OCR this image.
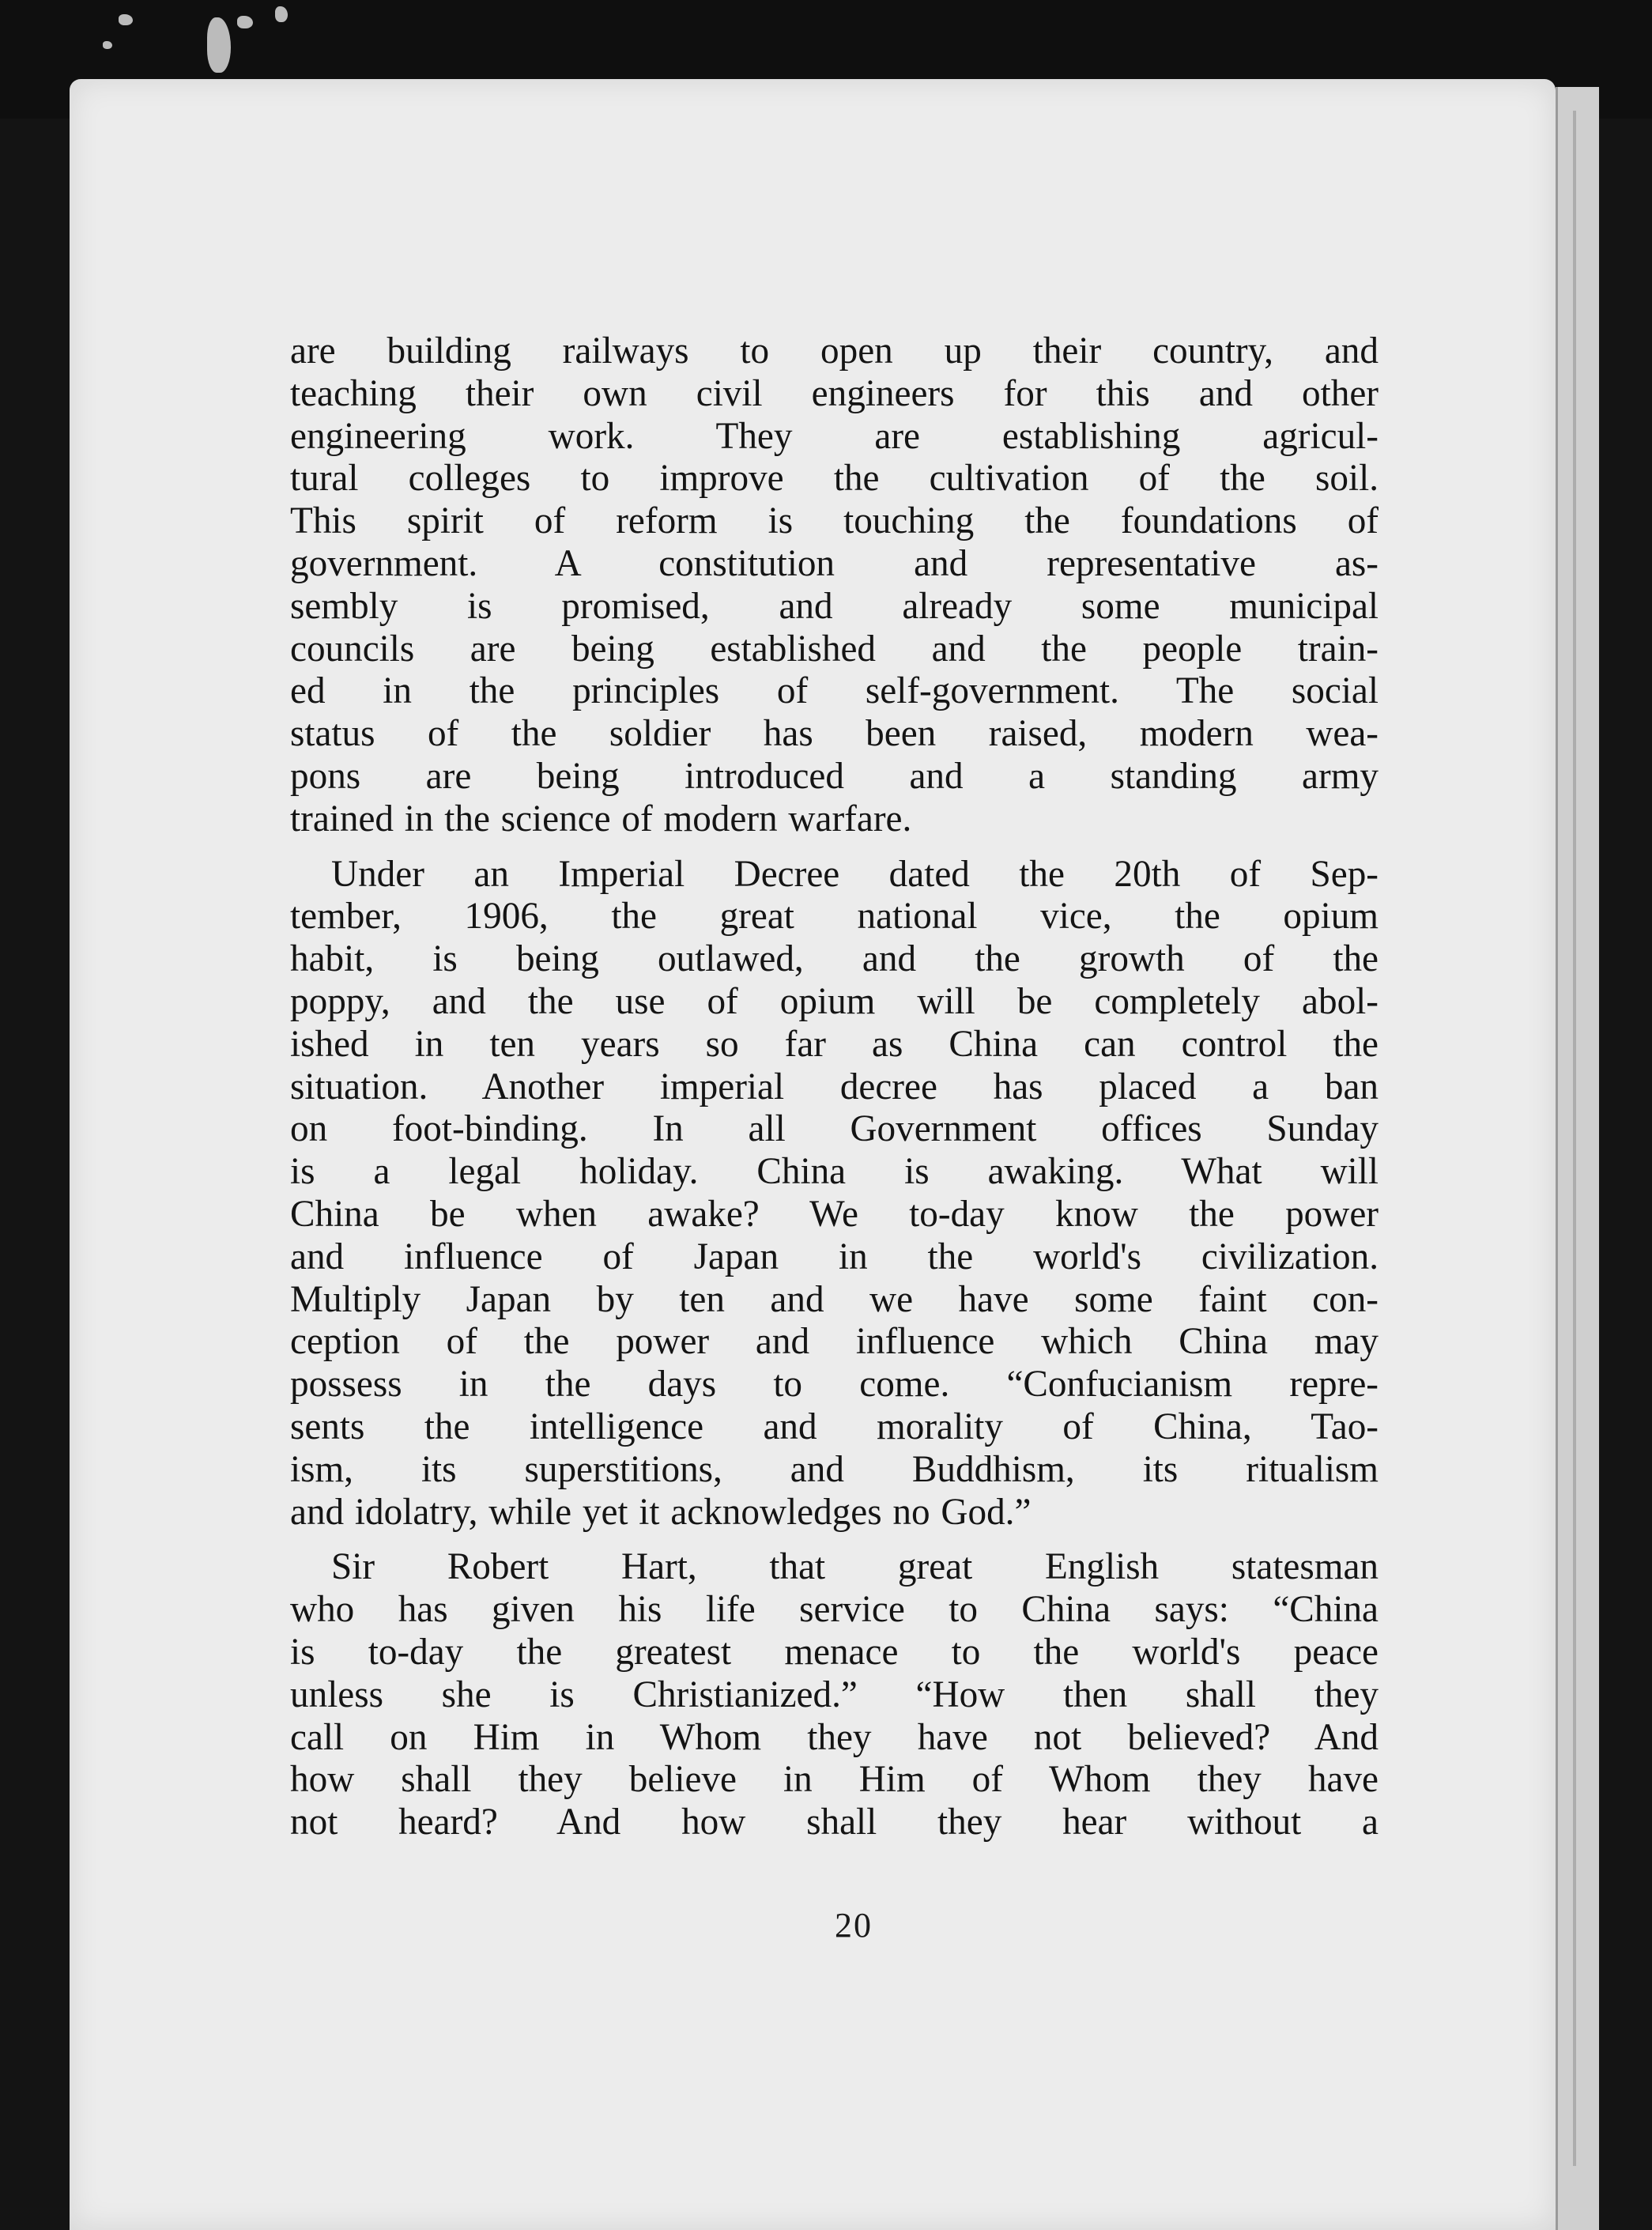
are building railways to open up their country, and
teaching their own civil engineers for this and other
engineering work. They are establishing agricul-
tural colleges to improve the cultivation of the soil.
This spirit of reform is touching the foundations of
government. A constitution and representative as-
sembly is promised, and already some municipal
councils are being established and the people train-
ed in the principles of self-government. The social
status of the soldier has been raised, modern wea-
pons are being introduced and a standing army
trained in the science of modern warfare.
Under an Imperial Decree dated the 20th of Sep-
tember, 1906, the great national vice, the opium
habit, is being outlawed, and the growth of the
poppy, and the use of opium will be completely abol-
ished in ten years so far as China can control the
situation. Another imperial decree has placed a ban
on foot-binding. In all Government offices Sunday
is a legal holiday. China is awaking. What will
China be when awake? We to-day know the power
and influence of Japan in the world's civilization.
Multiply Japan by ten and we have some faint con-
ception of the power and influence which China may
possess in the days to come. “Confucianism repre-
sents the intelligence and morality of China, Tao-
ism, its superstitions, and Buddhism, its ritualism
and idolatry, while yet it acknowledges no God.”
Sir Robert Hart, that great English statesman
who has given his life service to China says: “China
is to-day the greatest menace to the world's peace
unless she is Christianized.” “How then shall they
call on Him in Whom they have not believed? And
how shall they believe in Him of Whom they have
not heard? And how shall they hear without a
20
